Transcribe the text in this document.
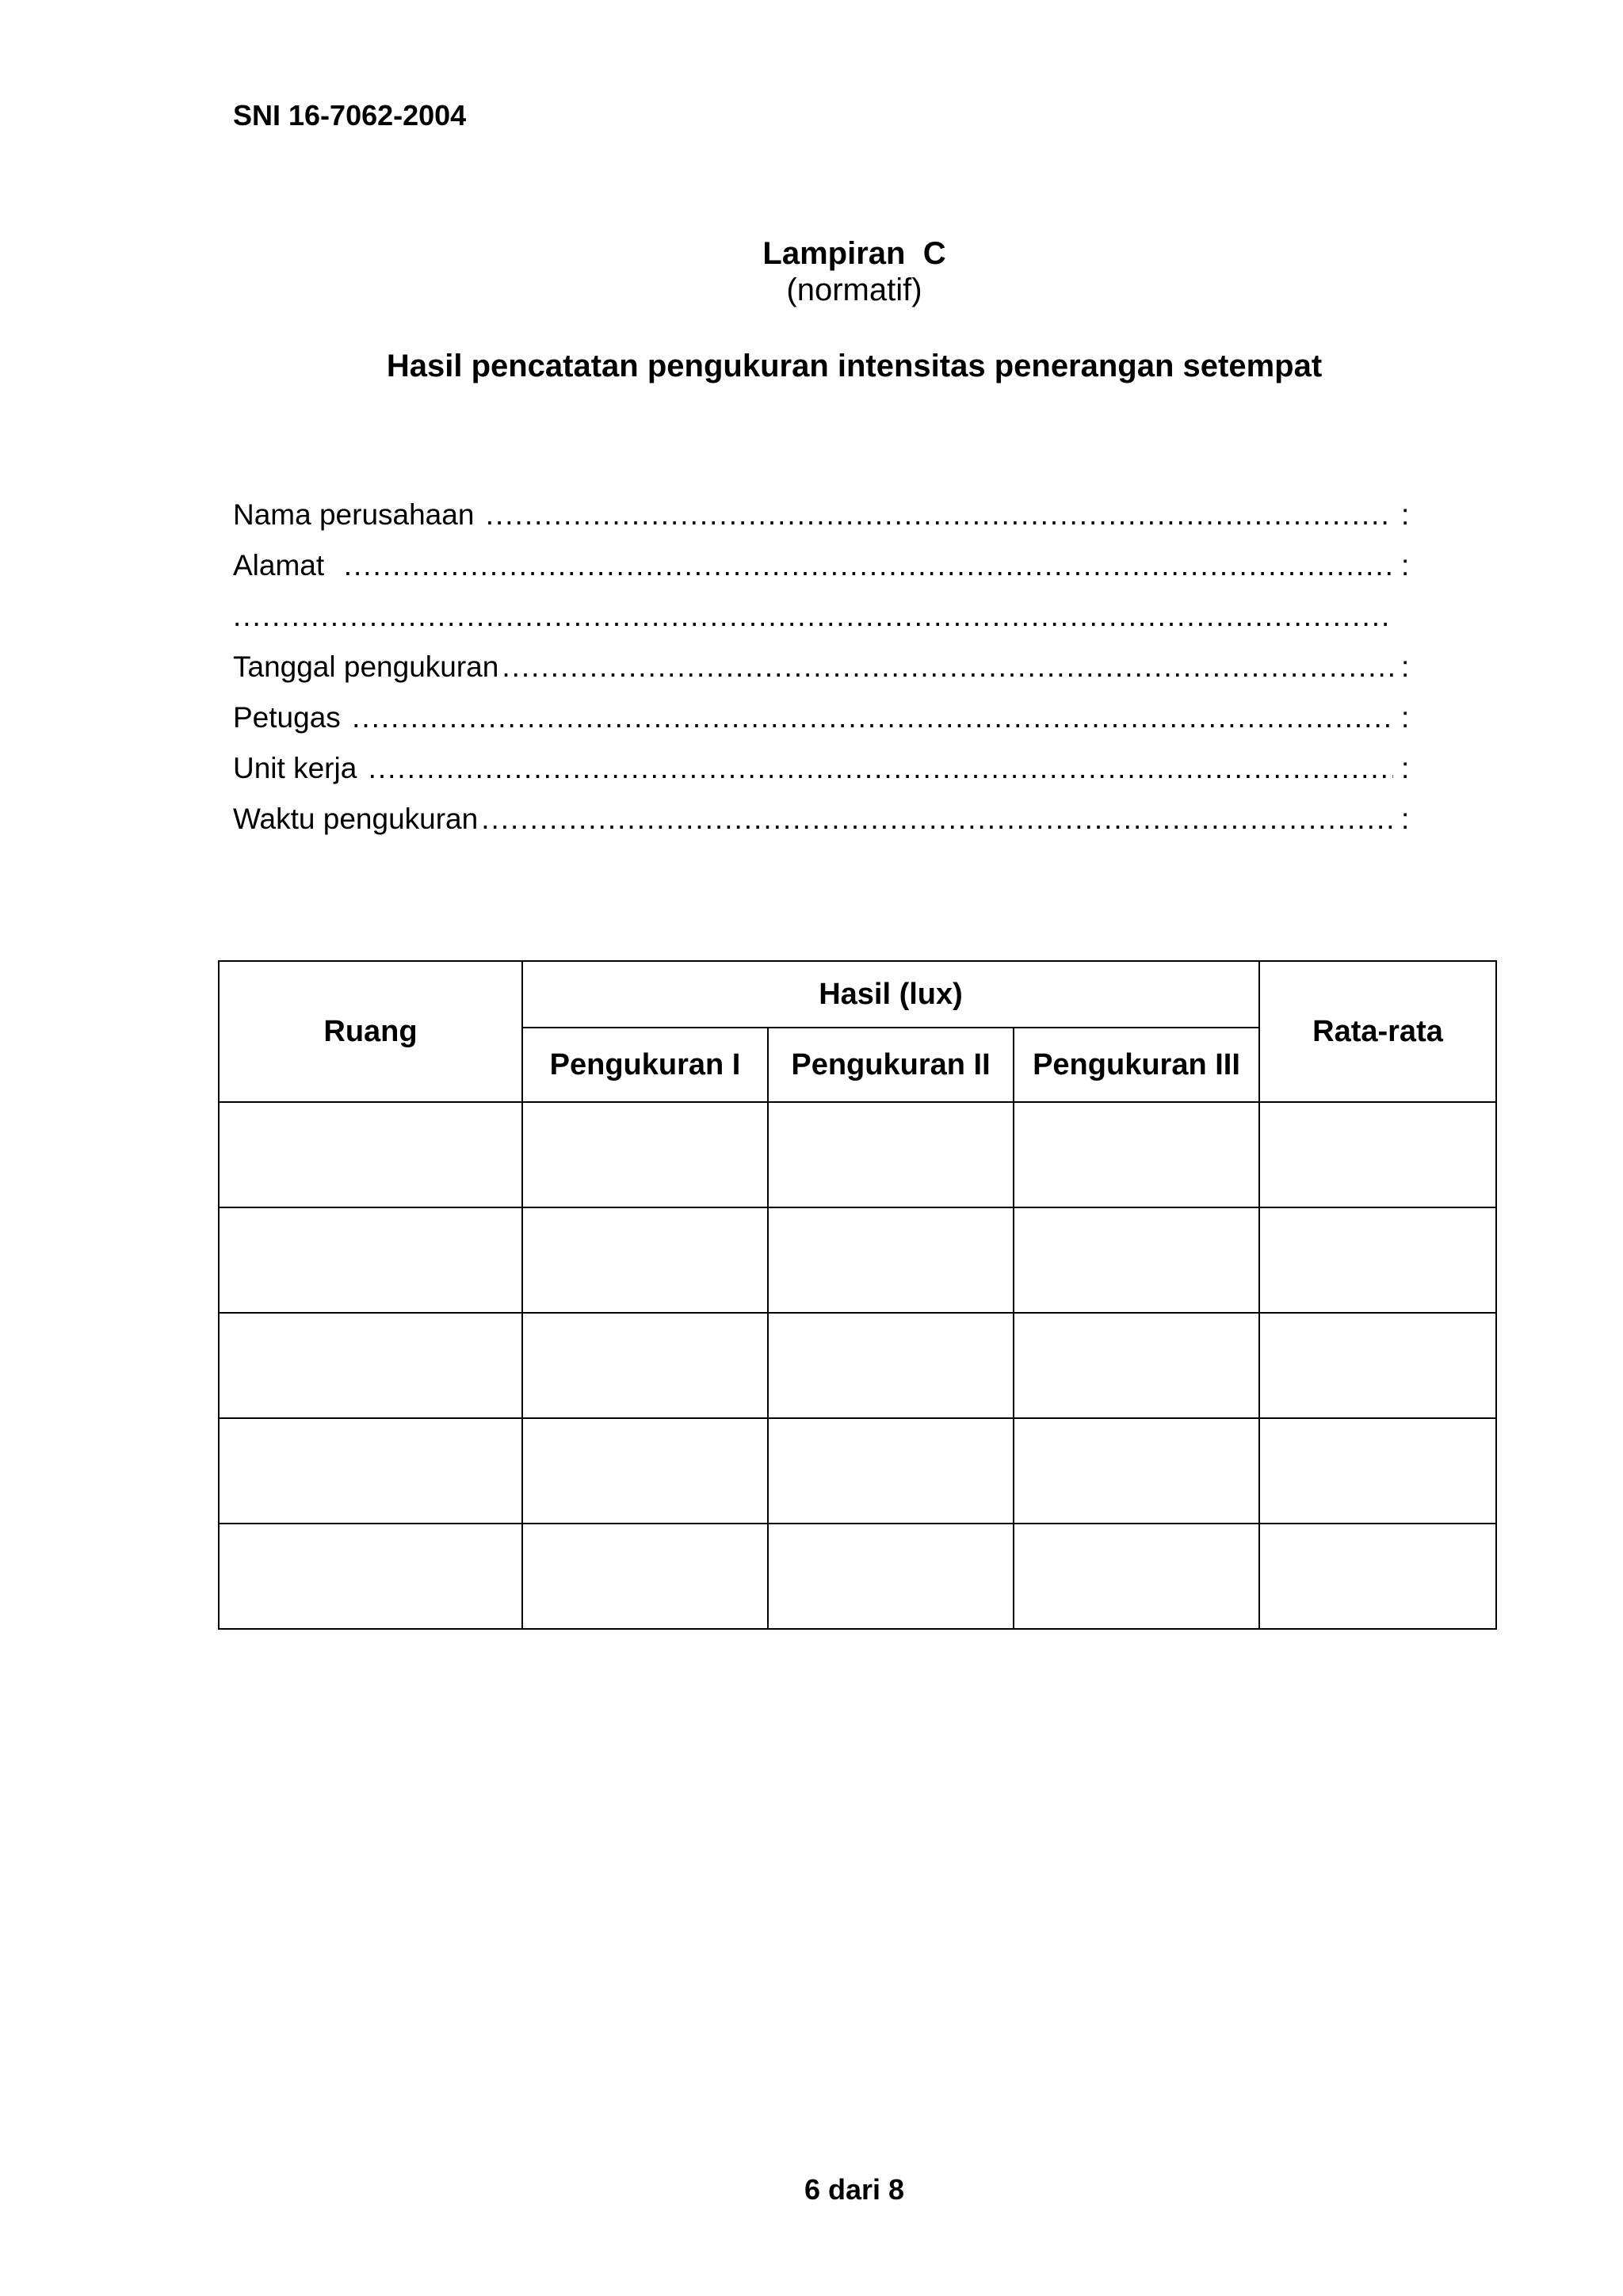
SNI 16-7062-2004
Lampiran  C
(normatif)
Hasil pencatatan pengukuran intensitas penerangan setempat
Nama perusahaan .....	:
Alamat .....	:
.....
Tanggal pengukuran .....	:
Petugas .....	:
Unit kerja .....	:
Waktu pengukuran .....	:
Ruang	Hasil (lux)			Rata-rata
	Pengukuran I	Pengukuran II	Pengukuran III	

6 dari 8
